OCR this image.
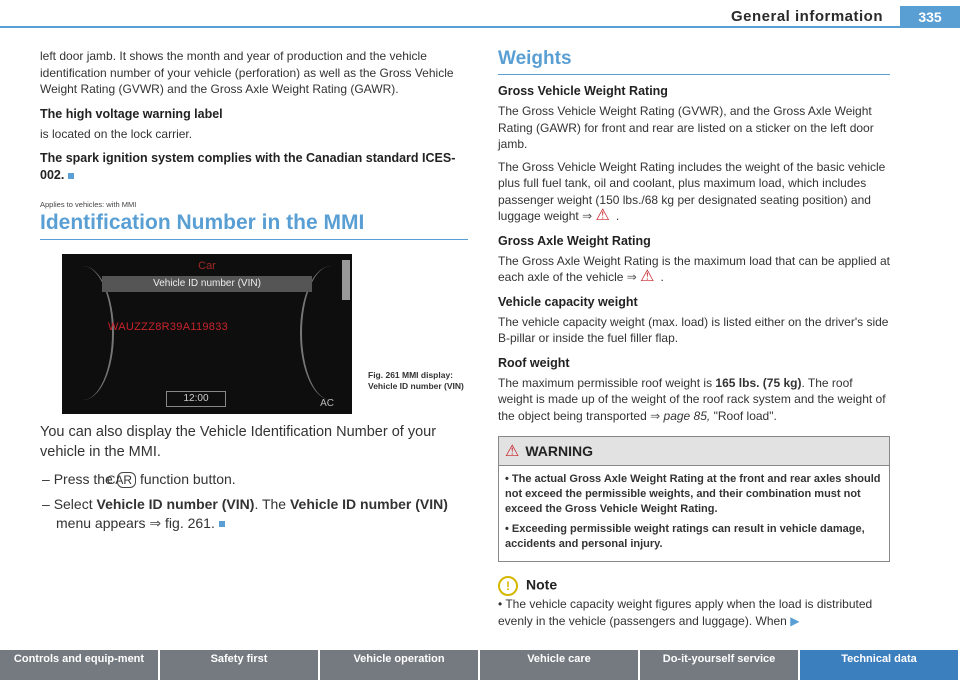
General information	335

left door jamb. It shows the month and year of production and the vehicle identification number of your vehicle (perforation) as well as the Gross Vehicle Weight Rating (GVWR) and the Gross Axle Weight Rating (GAWR).

The high voltage warning label

is located on the lock carrier.

The spark ignition system complies with the Canadian standard ICES-002.
Applies to vehicles: with MMI
Identification Number in the MMI
Car
Vehicle ID number (VIN)
WAUZZZ8R39A119833
12:00	AC
Fig. 261 MMI display: Vehicle ID number (VIN)

You can also display the Vehicle Identification Number of your vehicle in the MMI.

– Press the CAR function button.

– Select Vehicle ID number (VIN). The Vehicle ID number (VIN) menu appears ⇒ fig. 261.

Weights
Gross Vehicle Weight Rating

The Gross Vehicle Weight Rating (GVWR), and the Gross Axle Weight Rating (GAWR) for front and rear are listed on a sticker on the left door jamb.

The Gross Vehicle Weight Rating includes the weight of the basic vehicle plus full fuel tank, oil and coolant, plus maximum load, which includes passenger weight (150 lbs./68 kg per designated seating position) and luggage weight ⇒ ⚠ .

Gross Axle Weight Rating

The Gross Axle Weight Rating is the maximum load that can be applied at each axle of the vehicle ⇒ ⚠ .

Vehicle capacity weight

The vehicle capacity weight (max. load) is listed either on the driver's side B-pillar or inside the fuel filler flap.

Roof weight

The maximum permissible roof weight is 165 lbs. (75 kg). The roof weight is made up of the weight of the roof rack system and the weight of the object being transported ⇒ page 85, "Roof load".

⚠ WARNING

• The actual Gross Axle Weight Rating at the front and rear axles should not exceed the permissible weights, and their combination must not exceed the Gross Vehicle Weight Rating.

• Exceeding permissible weight ratings can result in vehicle damage, accidents and personal injury.

! Note

• The vehicle capacity weight figures apply when the load is distributed evenly in the vehicle (passengers and luggage). When ▶

Controls and equip-ment	Safety first	Vehicle operation	Vehicle care	Do-it-yourself service	Technical data
